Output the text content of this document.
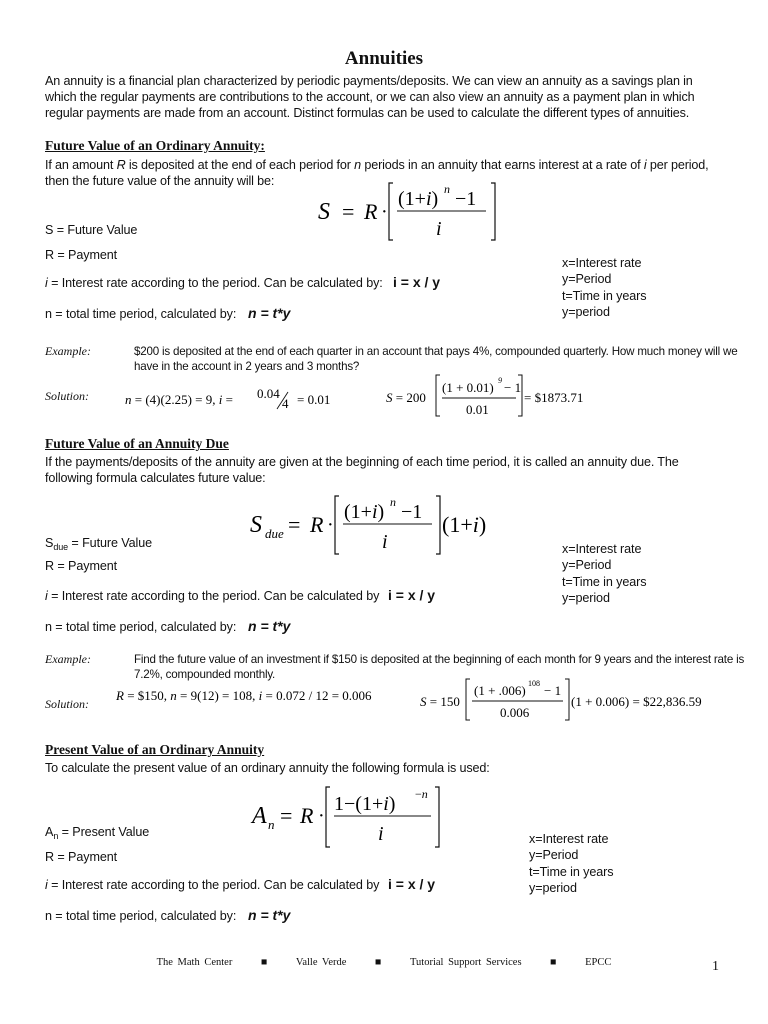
Annuities
An annuity is a financial plan characterized by periodic payments/deposits. We can view an annuity as a savings plan in which the regular payments are contributions to the account, or we can also view an annuity as a payment plan in which regular payments are made from an account. Distinct formulas can be used to calculate the different types of annuities.
Future Value of an Ordinary Annuity:
If an amount R is deposited at the end of each period for n periods in an annuity that earns interest at a rate of i per period, then the future value of the annuity will be:
S = R ·
(1+i) n −1
i
S = Future Value
R = Payment
i = Interest rate according to the period. Can be calculated by: i = x / y
n = total time period, calculated by: n = t*y
x=Interest rate
y=Period
t=Time in years
y=period
Example:	$200 is deposited at the end of each quarter in an account that pays 4%, compounded quarterly. How much money will we have in the account in 2 years and 3 months?
Solution:	n = (4)(2.25) = 9, i = 0.04
4 = 0.01	S = 200
(1 + 0.01) 9 − 1
0.01
= $1873.71
Future Value of an Annuity Due
If the payments/deposits of the annuity are given at the beginning of each time period, it is called an annuity due. The following formula calculates future value:
S due = R ·
(1+i) n −1
i
(1+i)
$S_{due}$ = Future Value
R = Payment
i = Interest rate according to the period. Can be calculated by i = x / y
n = total time period, calculated by: n = t*y
x=Interest rate
y=Period
t=Time in years
y=period
Example:	Find the future value of an investment if $150 is deposited at the beginning of each month for 9 years and the interest rate is 7.2%, compounded monthly.
Solution:
R = $150, n = 9(12) = 108, i = 0.072 / 12 = 0.006	S = 150
(1 + .006) 108 − 1
0.006
(1 + 0.006) = $22,836.59
Present Value of an Ordinary Annuity
To calculate the present value of an ordinary annuity the following formula is used:
A n = R ·
1−(1+i) −n
i
$A_n$ = Present Value
R = Payment
i = Interest rate according to the period. Can be calculated by i = x / y
n = total time period, calculated by: n = t*y
x=Interest rate
y=Period
t=Time in years
y=period
The Math Center	■	Valle Verde	■	Tutorial Support Services	■	EPCC	1
